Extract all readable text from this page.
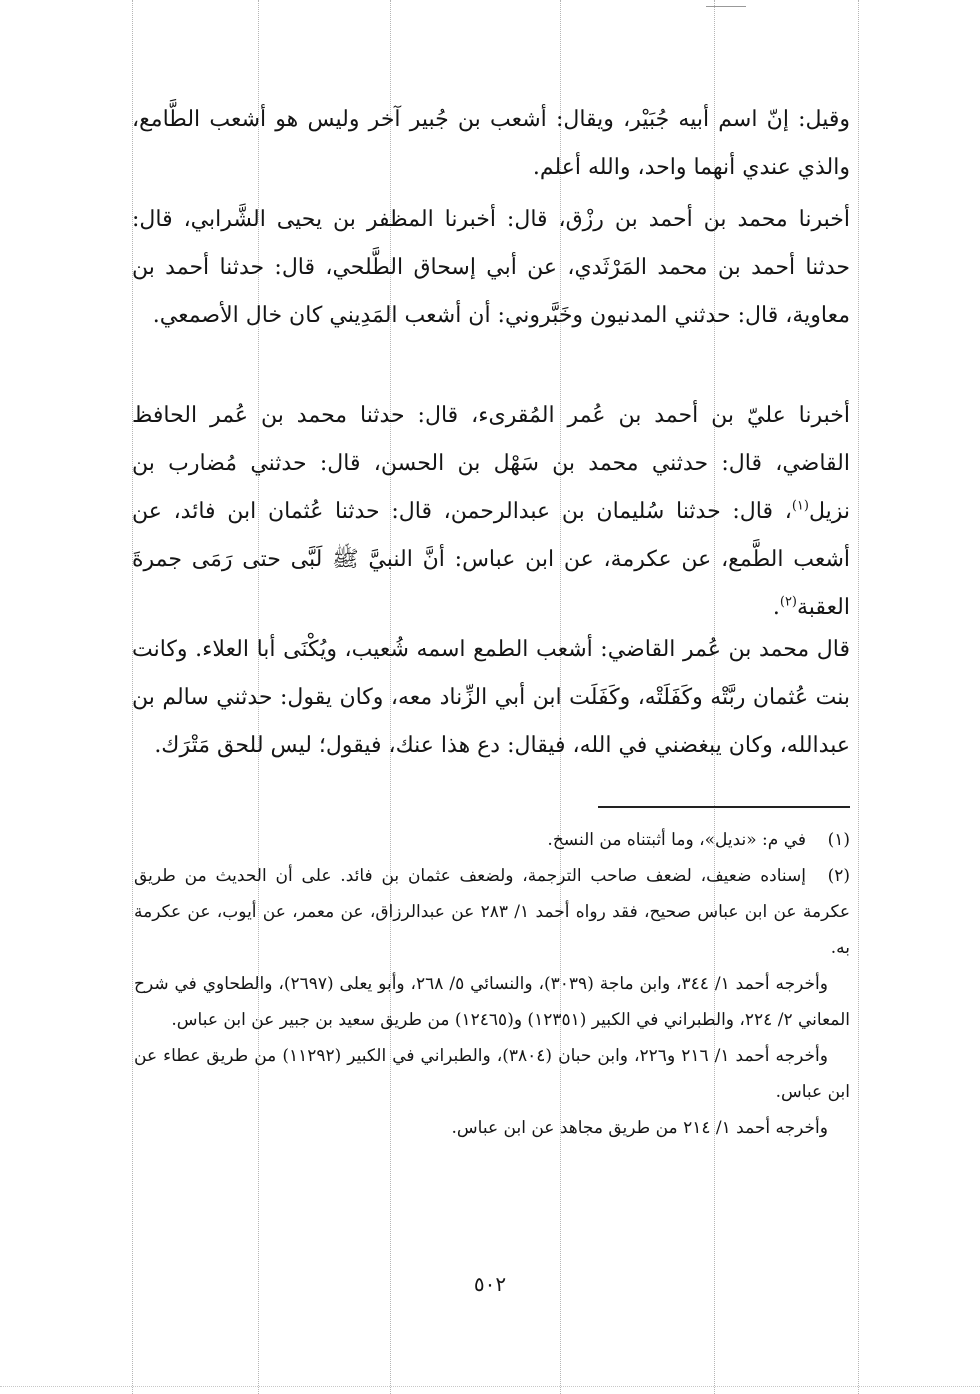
وقيل: إنّ اسم أبيه جُبَيْر، ويقال: أشعب بن جُبير آخر وليس هو أشعب الطَّامع، والذي عندي أنهما واحد، والله أعلم.

أخبرنا محمد بن أحمد بن رزْق، قال: أخبرنا المظفر بن يحيى الشَّرابي، قال: حدثنا أحمد بن محمد المَرْثَدي، عن أبي إسحاق الطَّلحي، قال: حدثنا أحمد بن معاوية، قال: حدثني المدنيون وخَبَّروني: أن أشعب المَدِيني كان خال الأصمعي.

أخبرنا عليّ بن أحمد بن عُمر المُقرىء، قال: حدثنا محمد بن عُمر الحافظ القاضي، قال: حدثني محمد بن سَهْل بن الحسن، قال: حدثني مُضارب بن نزيل$^{(١)}$، قال: حدثنا سُليمان بن عبدالرحمن، قال: حدثنا عُثمان ابن فائد، عن أشعب الطَّمع، عن عكرمة، عن ابن عباس: أنَّ النبيَّ ﷺ لَبَّى حتى رَمَى جمرةَ العقبة$^{(٢)}$.

قال محمد بن عُمر القاضي: أشعب الطمع اسمه شُعيب، ويُكْنَى أبا العلاء. وكانت بنت عُثمان ربَّتْه وكَفَلَتْه، وكَفَلَت ابن أبي الزِّناد معه، وكان يقول: حدثني سالم بن عبدالله، وكان يبغضني في الله، فيقال: دع هذا عنك، فيقول؛ ليس للحق مَتْرَك.

(١)في م: «نديل»، وما أثبتناه من النسخ.

(٢)إسناده ضعيف، لضعف صاحب الترجمة، ولضعف عثمان بن فائد. على أن الحديث من طريق عكرمة عن ابن عباس صحيح، فقد رواه أحمد ١/ ٢٨٣ عن عبدالرزاق، عن معمر، عن أيوب، عن عكرمة به.

وأخرجه أحمد ١/ ٣٤٤، وابن ماجة (٣٠٣٩)، والنسائي ٥/ ٢٦٨، وأبو يعلى (٢٦٩٧)، والطحاوي في شرح المعاني ٢/ ٢٢٤، والطبراني في الكبير (١٢٣٥١) و(١٢٤٦٥) من طريق سعيد بن جبير عن ابن عباس.

وأخرجه أحمد ١/ ٢١٦ و٢٢٦، وابن حبان (٣٨٠٤)، والطبراني في الكبير (١١٢٩٢) من طريق عطاء عن ابن عباس.

وأخرجه أحمد ١/ ٢١٤ من طريق مجاهد عن ابن عباس.

٥٠٢
